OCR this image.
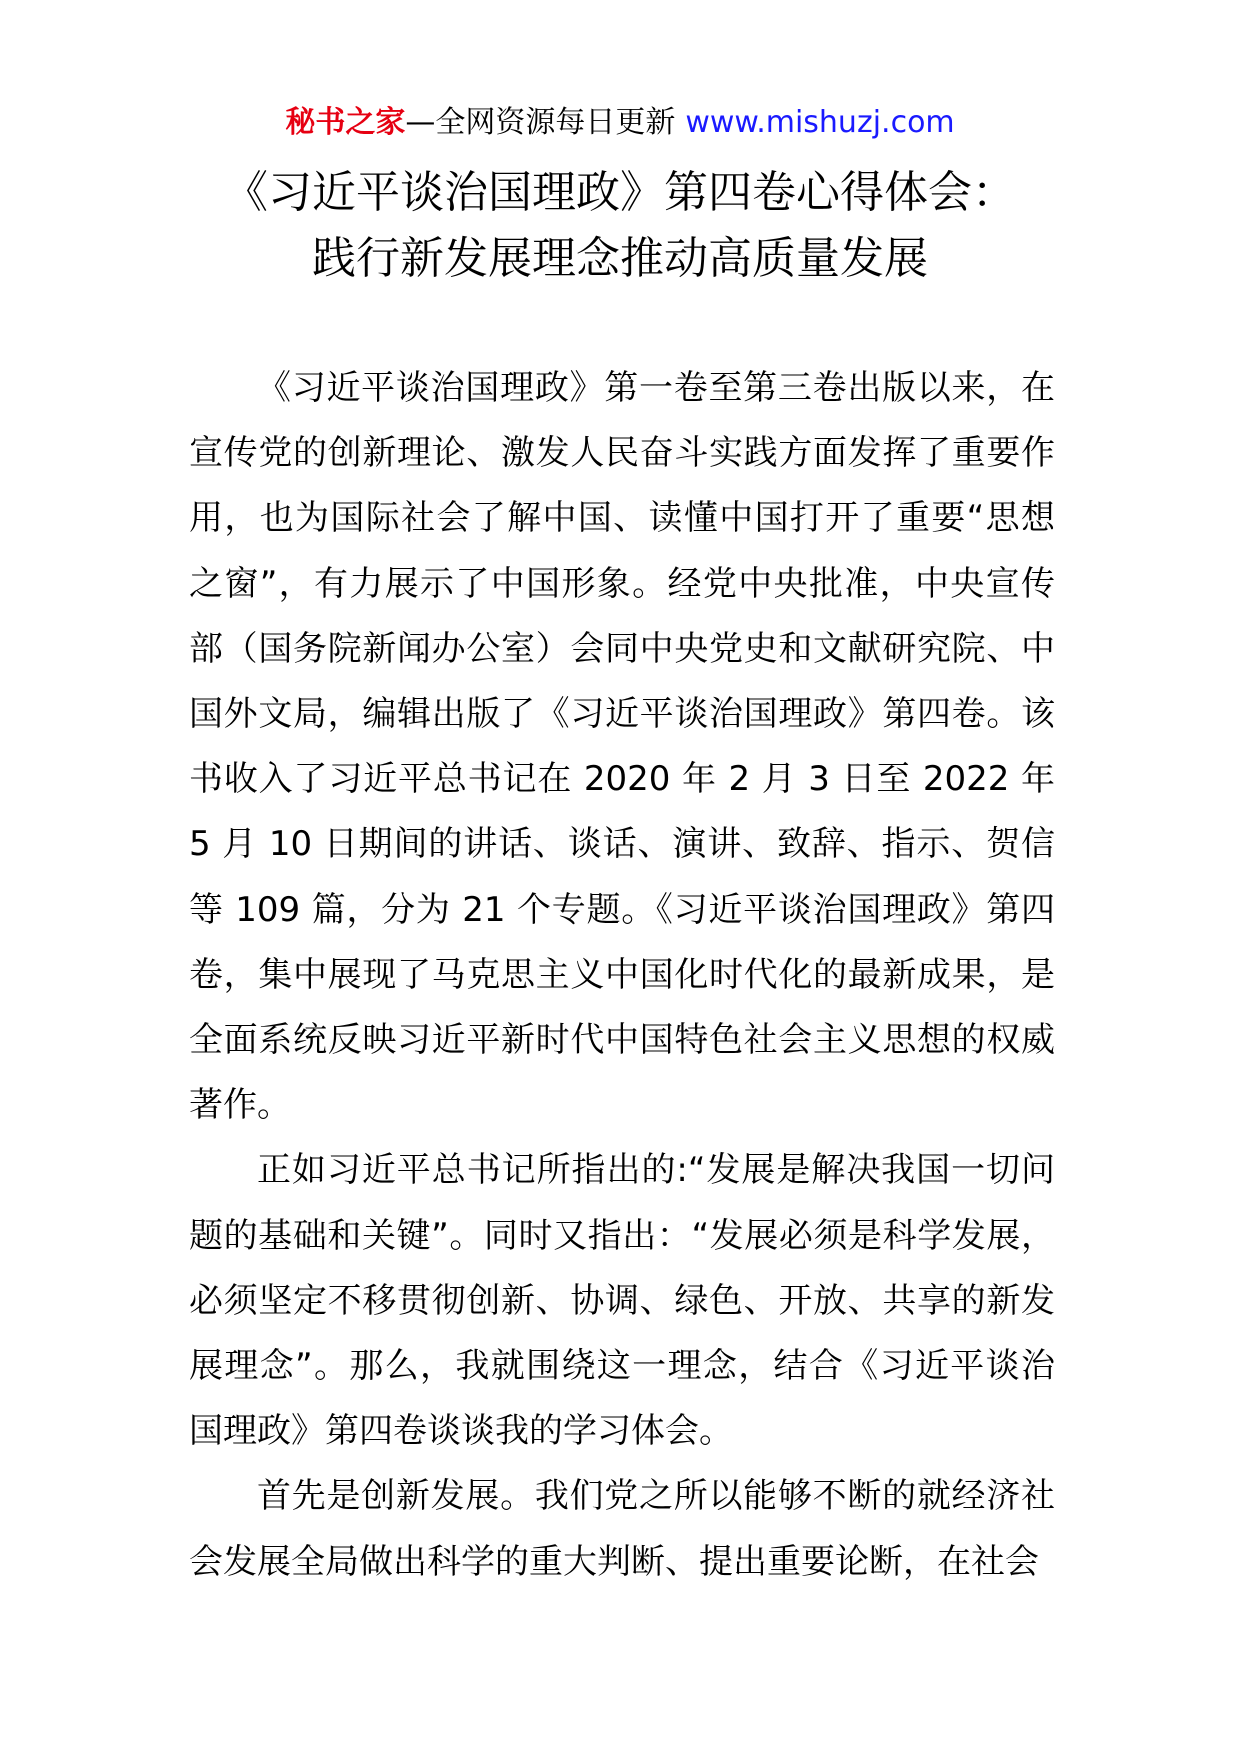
秘书之家—全网资源每日更新 www.mishuzj.com
《习近平谈治国理政》第四卷心得体会：
践行新发展理念推动高质量发展

《习近平谈治国理政》第一卷至第三卷出版以来，在宣传党的创新理论、激发人民奋斗实践方面发挥了重要作用，也为国际社会了解中国、读懂中国打开了重要“思想之窗”，有力展示了中国形象。经党中央批准，中央宣传部（国务院新闻办公室）会同中央党史和文献研究院、中国外文局，编辑出版了《习近平谈治国理政》第四卷。该书收入了习近平总书记在 2020 年 2 月 3 日至 2022 年 5 月 10 日期间的讲话、谈话、演讲、致辞、指示、贺信等 109 篇，分为 21 个专题。《习近平谈治国理政》第四卷，集中展现了马克思主义中国化时代化的最新成果，是全面系统反映习近平新时代中国特色社会主义思想的权威著作。

正如习近平总书记所指出的:“发展是解决我国一切问题的基础和关键”。同时又指出：“发展必须是科学发展，必须坚定不移贯彻创新、协调、绿色、开放、共享的新发展理念”。那么，我就围绕这一理念，结合《习近平谈治国理政》第四卷谈谈我的学习体会。

首先是创新发展。我们党之所以能够不断的就经济社会发展全局做出科学的重大判断、提出重要论断，在社会
